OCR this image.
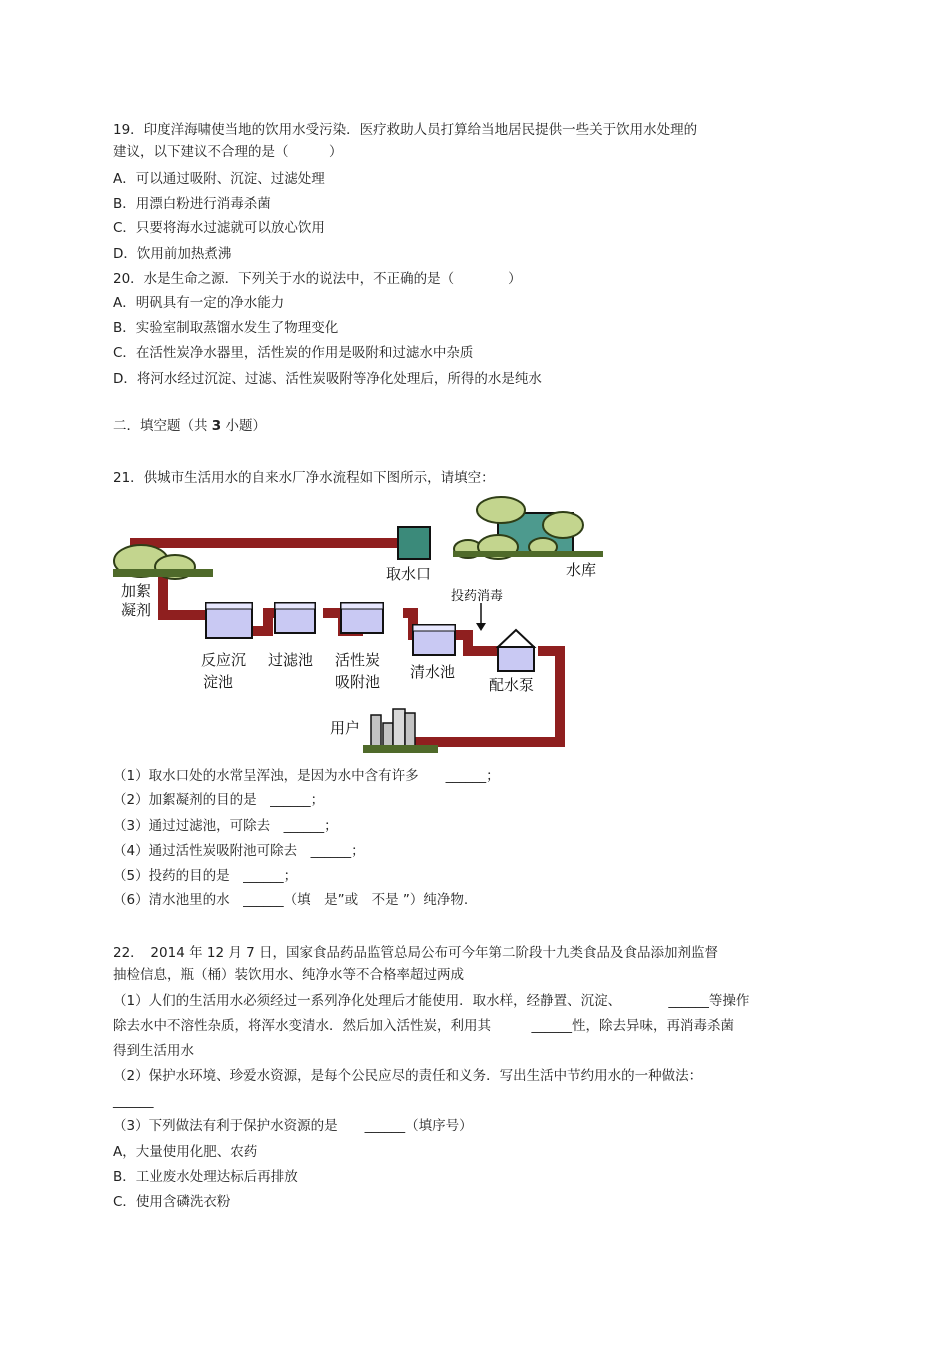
19．印度洋海啸使当地的饮用水受污染．医疗救助人员打算给当地居民提供一些关于饮用水处理的
建议，以下建议不合理的是（　　　）
A．可以通过吸附、沉淀、过滤处理
B．用漂白粉进行消毒杀菌
C．只要将海水过滤就可以放心饮用
D．饮用前加热煮沸
20．水是生命之源．下列关于水的说法中，不正确的是（　　　　）
A．明矾具有一定的净水能力
B．实验室制取蒸馏水发生了物理变化
C．在活性炭净水器里，活性炭的作用是吸附和过滤水中杂质
D．将河水经过沉淀、过滤、活性炭吸附等净化处理后，所得的水是纯水
二．填空题（共 3 小题）
21．供城市生活用水的自来水厂净水流程如下图所示，请填空：
取水口	水库
加絮
凝剂
投药消毒
反应沉
淀池
过滤池 活性炭
吸附池
清水池
配水泵
用户
（1）取水口处的水常呈浑浊，是因为水中含有许多　　______；
（2）加絮凝剂的目的是　______；
（3）通过过滤池，可除去　______；
（4）通过活性炭吸附池可除去　______；
（5）投药的目的是　______；
（6）清水池里的水　______（填　是”或　不是 ”）纯净物.
22．　2014 年 12 月 7 日，国家食品药品监管总局公布可今年第二阶段十九类食品及食品添加剂监督
抽检信息，瓶（桶）装饮用水、纯净水等不合格率超过两成
（1）人们的生活用水必须经过一系列净化处理后才能使用．取水样，经静置、沉淀、　　　　______等操作
除去水中不溶性杂质，将浑水变清水．然后加入活性炭，利用其　　　______性，除去异味，再消毒杀菌
得到生活用水
（2）保护水环境、珍爱水资源，是每个公民应尽的责任和义务．写出生活中节约用水的一种做法：
______
（3）下列做法有利于保护水资源的是　　______（填序号）
A，大量使用化肥、农药
B．工业废水处理达标后再排放
C．使用含磷洗衣粉
